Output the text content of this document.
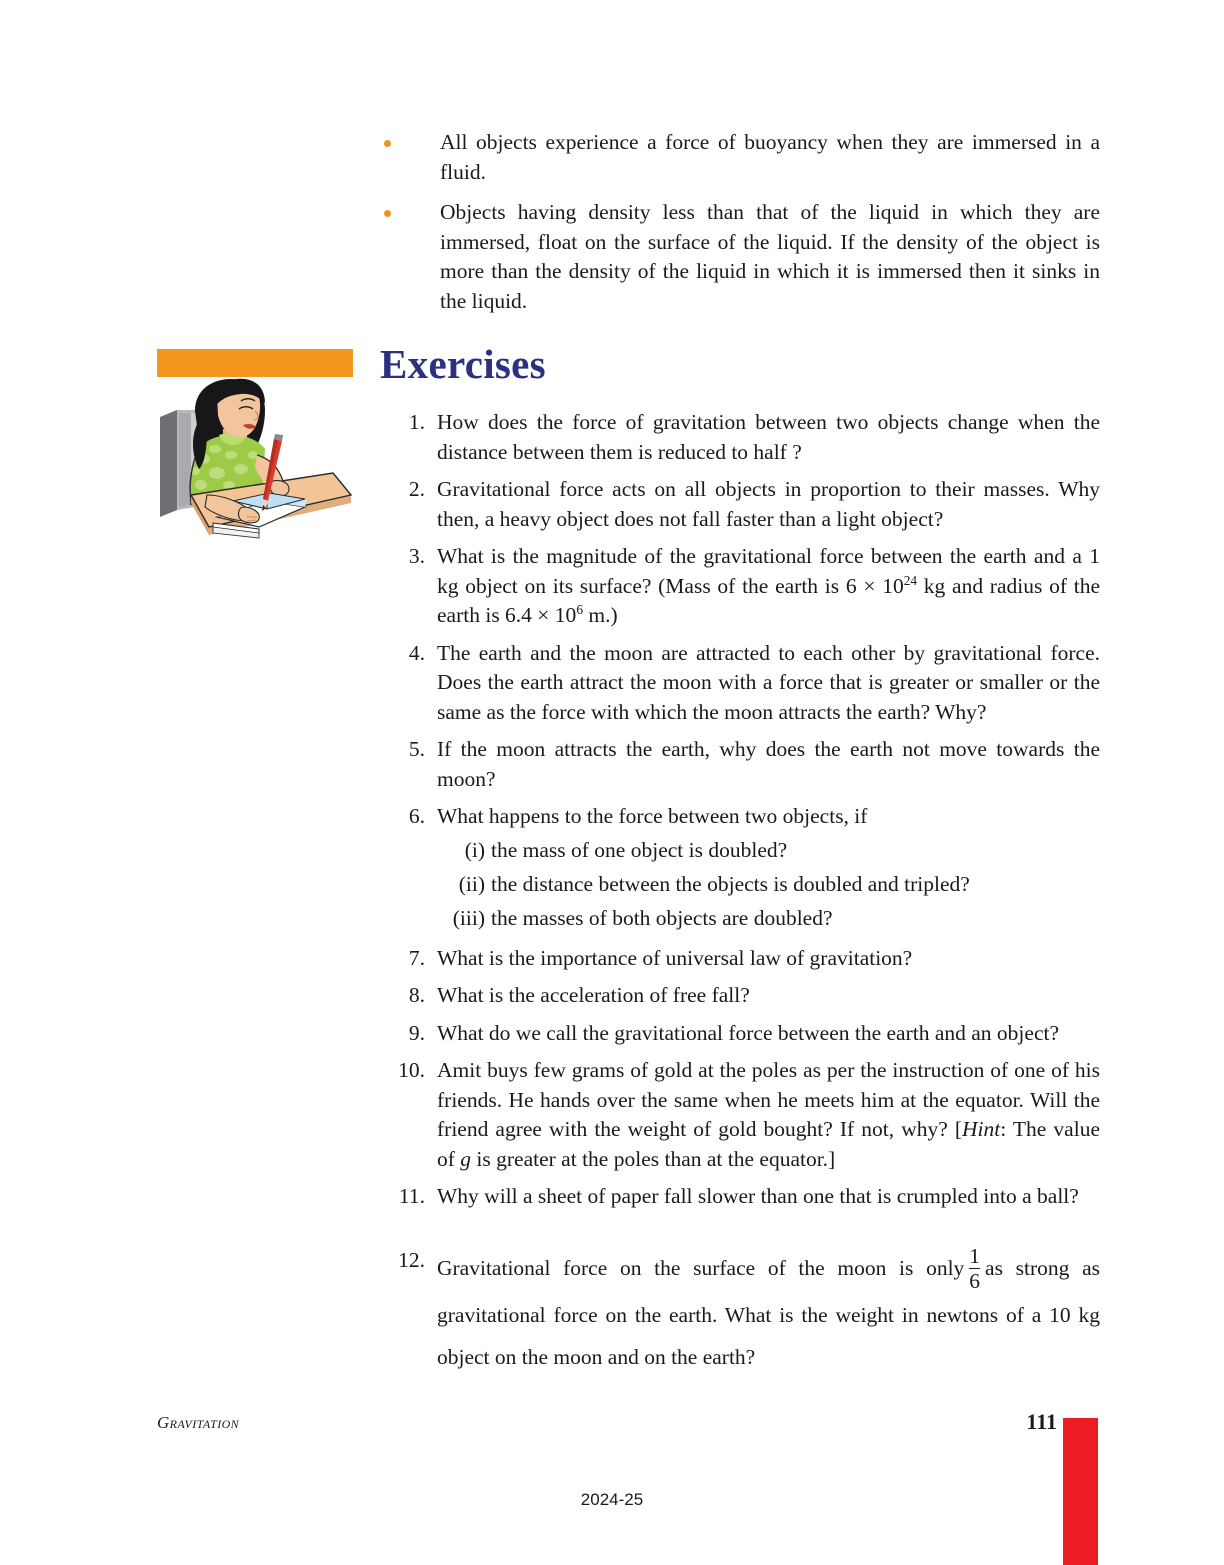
All objects experience a force of buoyancy when they are immersed in a fluid.
Objects having density less than that of the liquid in which they are immersed, float on the surface of the liquid. If the density of the object is more than the density of the liquid in which it is immersed then it sinks in the liquid.
Exercises
1. How does the force of gravitation between two objects change when the distance between them is reduced to half ?
2. Gravitational force acts on all objects in proportion to their masses. Why then, a heavy object does not fall faster than a light object?
3. What is the magnitude of the gravitational force between the earth and a 1 kg object on its surface? (Mass of the earth is $6 \times 10^{24}$ kg and radius of the earth is $6.4 \times 10^6$ m.)
4. The earth and the moon are attracted to each other by gravitational force. Does the earth attract the moon with a force that is greater or smaller or the same as the force with which the moon attracts the earth? Why?
5. If the moon attracts the earth, why does the earth not move towards the moon?
6. What happens to the force between two objects, if
(i) the mass of one object is doubled?
(ii) the distance between the objects is doubled and tripled?
(iii) the masses of both objects are doubled?
7. What is the importance of universal law of gravitation?
8. What is the acceleration of free fall?
9. What do we call the gravitational force between the earth and an object?
10. Amit buys few grams of gold at the poles as per the instruction of one of his friends. He hands over the same when he meets him at the equator. Will the friend agree with the weight of gold bought? If not, why? [Hint: The value of g is greater at the poles than at the equator.]
11. Why will a sheet of paper fall slower than one that is crumpled into a ball?
12. Gravitational force on the surface of the moon is only $\frac{1}{6}$ as strong as gravitational force on the earth. What is the weight in newtons of a 10 kg object on the moon and on the earth?
Gravitation	111
2024-25
